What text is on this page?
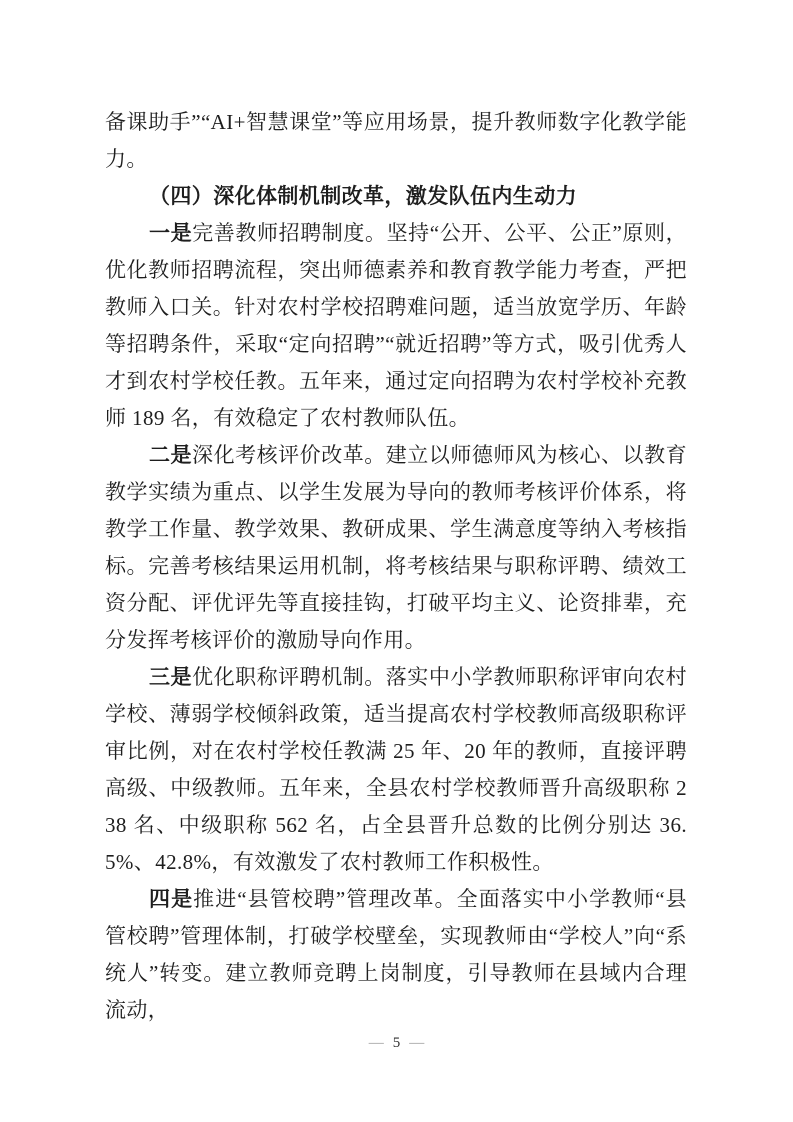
备课助手”“AI+智慧课堂”等应用场景，提升教师数字化教学能力。

（四）深化体制机制改革，激发队伍内生动力

一是完善教师招聘制度。坚持“公开、公平、公正”原则，优化教师招聘流程，突出师德素养和教育教学能力考查，严把教师入口关。针对农村学校招聘难问题，适当放宽学历、年龄等招聘条件，采取“定向招聘”“就近招聘”等方式，吸引优秀人才到农村学校任教。五年来，通过定向招聘为农村学校补充教师 189 名，有效稳定了农村教师队伍。

二是深化考核评价改革。建立以师德师风为核心、以教育教学实绩为重点、以学生发展为导向的教师考核评价体系，将教学工作量、教学效果、教研成果、学生满意度等纳入考核指标。完善考核结果运用机制，将考核结果与职称评聘、绩效工资分配、评优评先等直接挂钩，打破平均主义、论资排辈，充分发挥考核评价的激励导向作用。

三是优化职称评聘机制。落实中小学教师职称评审向农村学校、薄弱学校倾斜政策，适当提高农村学校教师高级职称评审比例，对在农村学校任教满 25 年、20 年的教师，直接评聘高级、中级教师。五年来，全县农村学校教师晋升高级职称 238 名、中级职称 562 名，占全县晋升总数的比例分别达 36.5%、42.8%，有效激发了农村教师工作积极性。

四是推进“县管校聘”管理改革。全面落实中小学教师“县管校聘”管理体制，打破学校壁垒，实现教师由“学校人”向“系统人”转变。建立教师竞聘上岗制度，引导教师在县域内合理流动，

— 5 —
